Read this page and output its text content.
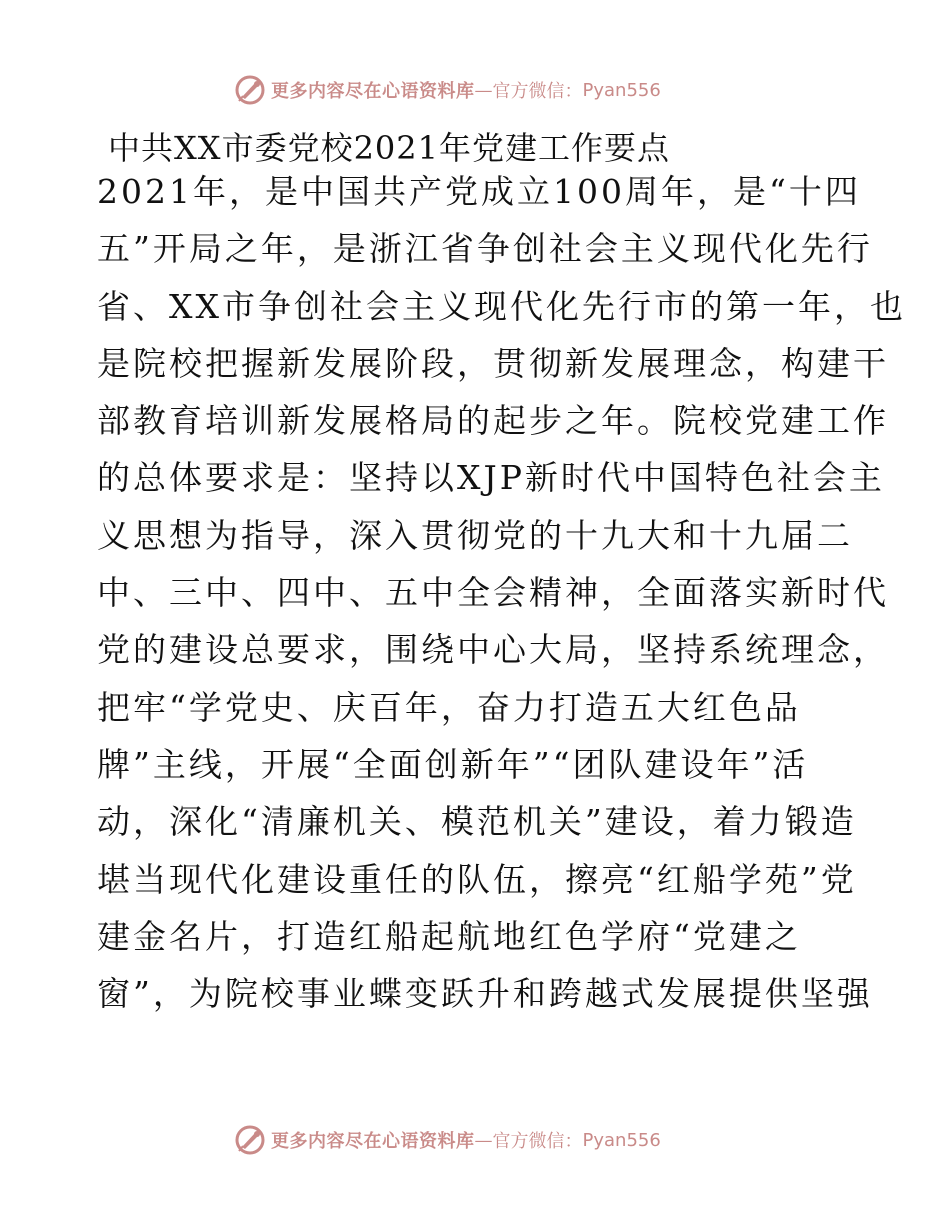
更多内容尽在心语资料库 — 官方微信： Pyan556
中共XX市委党校2021年党建工作要点
2021年，是中国共产党成立100周年，是“十四
五”开局之年，是浙江省争创社会主义现代化先行
省、XX市争创社会主义现代化先行市的第一年，也
是院校把握新发展阶段，贯彻新发展理念，构建干
部教育培训新发展格局的起步之年。院校党建工作
的总体要求是：坚持以XJP新时代中国特色社会主
义思想为指导，深入贯彻党的十九大和十九届二
中、三中、四中、五中全会精神，全面落实新时代
党的建设总要求，围绕中心大局，坚持系统理念，
把牢“学党史、庆百年，奋力打造五大红色品
牌”主线，开展“全面创新年”“团队建设年”活
动，深化“清廉机关、模范机关”建设，着力锻造
堪当现代化建设重任的队伍，擦亮“红船学苑”党
建金名片，打造红船起航地红色学府“党建之
窗”，为院校事业蝶变跃升和跨越式发展提供坚强
更多内容尽在心语资料库 — 官方微信： Pyan556
